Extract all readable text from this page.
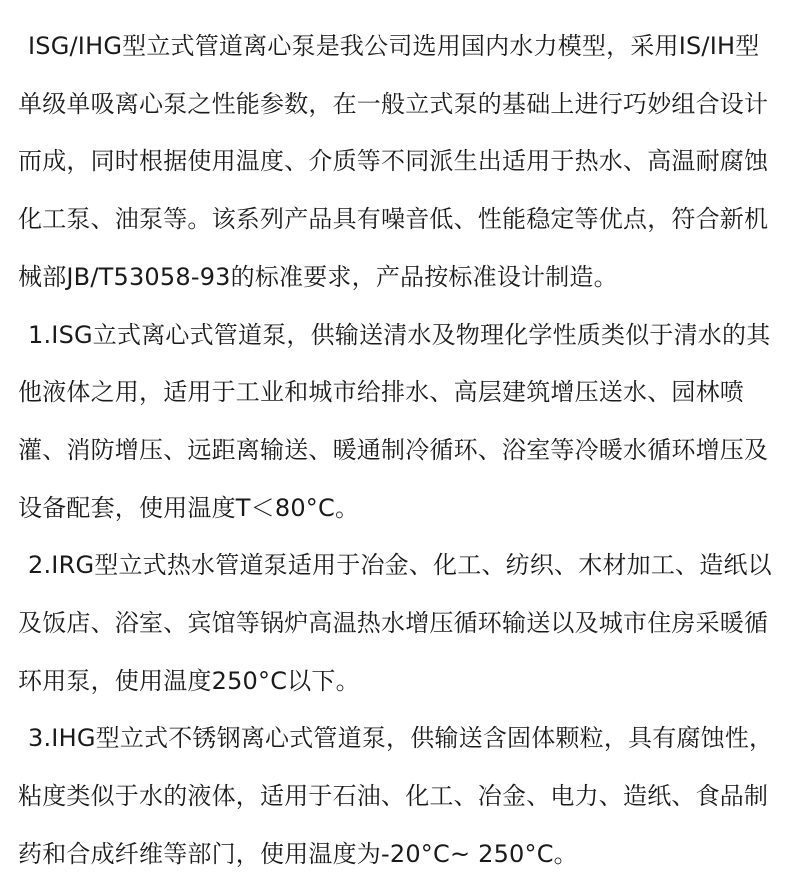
ISG/IHG型立式管道离心泵是我公司选用国内水力模型，采用IS/IH型单级单吸离心泵之性能参数，在一般立式泵的基础上进行巧妙组合设计而成，同时根据使用温度、介质等不同派生出适用于热水、高温耐腐蚀化工泵、油泵等。该系列产品具有噪音低、性能稳定等优点，符合新机械部JB/T53058-93的标准要求，产品按标准设计制造。

1.ISG立式离心式管道泵，供输送清水及物理化学性质类似于清水的其他液体之用，适用于工业和城市给排水、高层建筑增压送水、园林喷灌、消防增压、远距离输送、暖通制冷循环、浴室等冷暖水循环增压及设备配套，使用温度T＜80°C。

2.IRG型立式热水管道泵适用于冶金、化工、纺织、木材加工、造纸以及饭店、浴室、宾馆等锅炉高温热水增压循环输送以及城市住房采暖循环用泵，使用温度250°C以下。

3.IHG型立式不锈钢离心式管道泵，供输送含固体颗粒，具有腐蚀性，粘度类似于水的液体，适用于石油、化工、冶金、电力、造纸、食品制药和合成纤维等部门，使用温度为-20°C~ 250°C。
